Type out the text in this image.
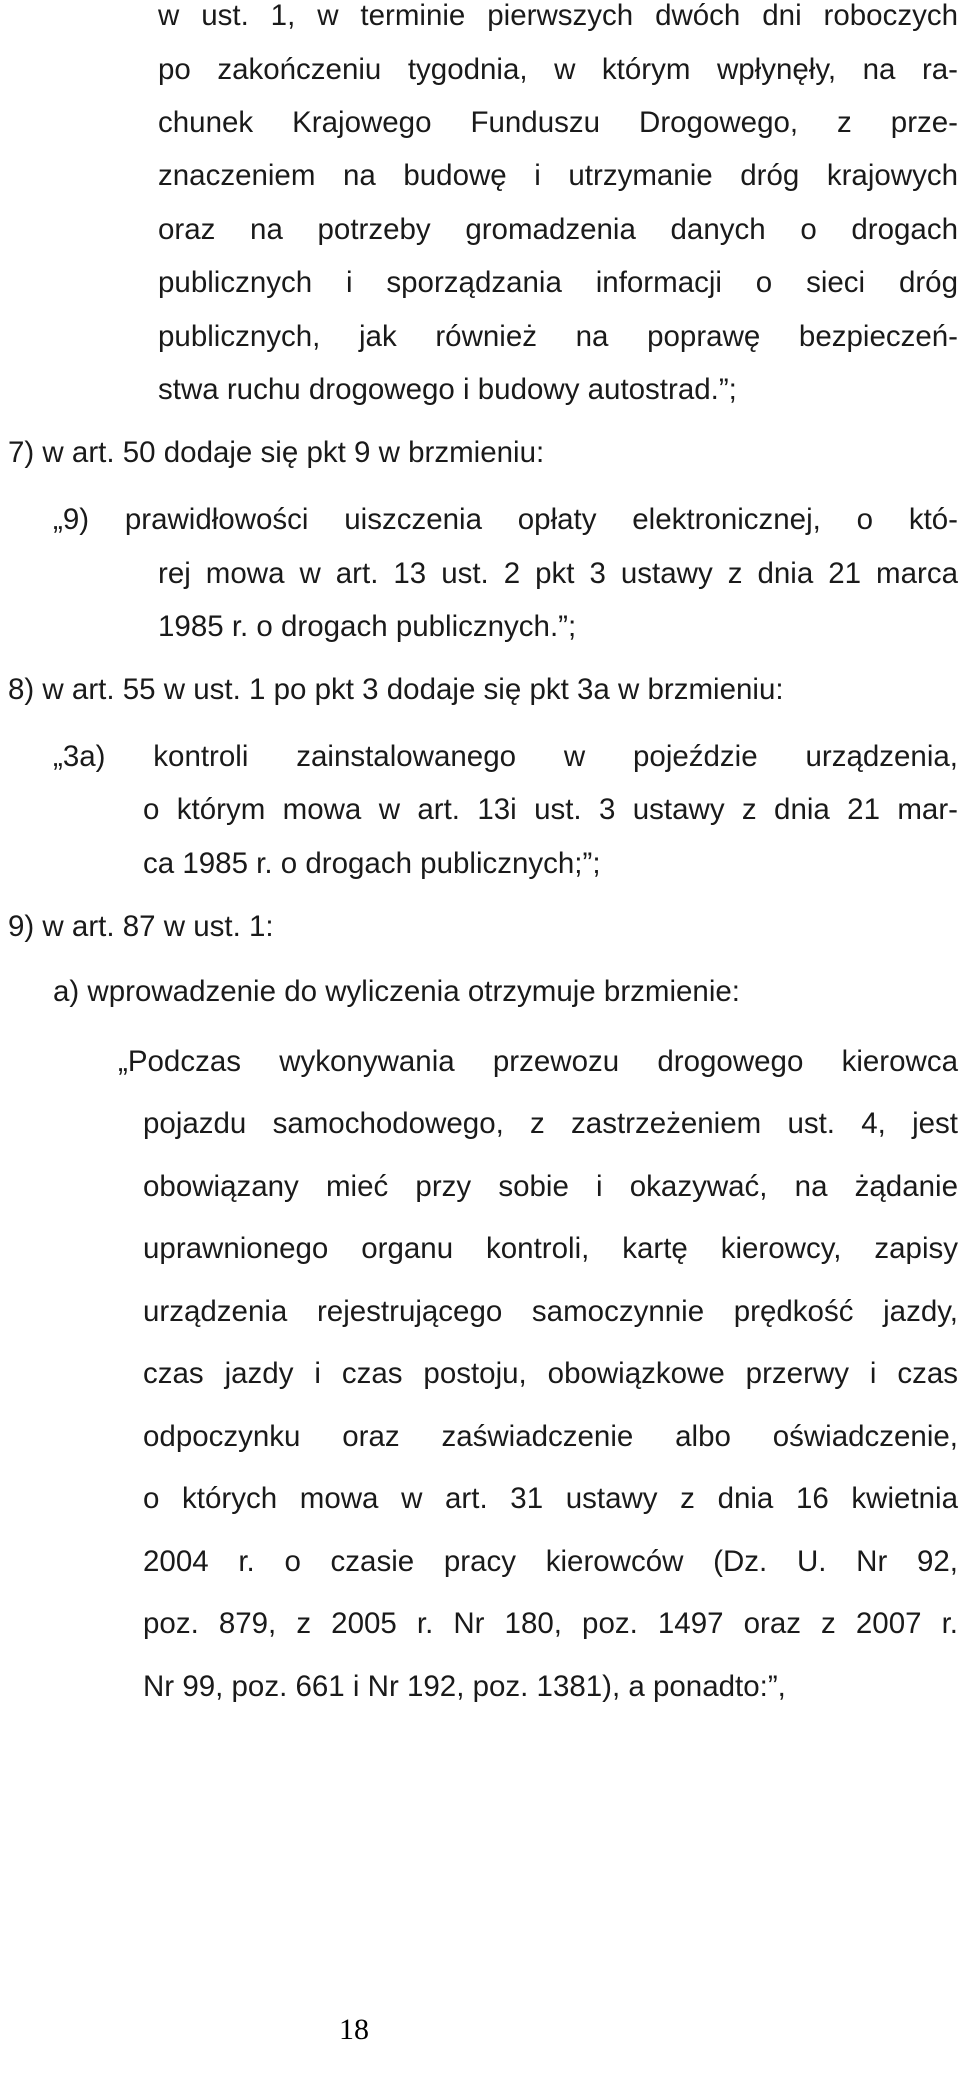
w ust. 1, w terminie pierwszych dwóch dni roboczych
po zakończeniu tygodnia, w którym wpłynęły, na ra-
chunek Krajowego Funduszu Drogowego, z prze-
znaczeniem na budowę i utrzymanie dróg krajowych
oraz na potrzeby gromadzenia danych o drogach
publicznych i sporządzania informacji o sieci dróg
publicznych, jak również na poprawę bezpieczeń-
stwa ruchu drogowego i budowy autostrad.”;
7) w art. 50 dodaje się pkt 9 w brzmieniu:
„9) prawidłowości uiszczenia opłaty elektronicznej, o któ-
rej mowa w art. 13 ust. 2 pkt 3 ustawy z dnia 21 marca
1985 r. o drogach publicznych.”;
8) w art. 55 w ust. 1 po pkt 3 dodaje się pkt 3a w brzmieniu:
„3a) kontroli zainstalowanego w pojeździe urządzenia,
o którym mowa w art. 13i ust. 3 ustawy z dnia 21 mar-
ca 1985 r. o drogach publicznych;”;
9) w art. 87 w ust. 1:
a) wprowadzenie do wyliczenia otrzymuje brzmienie:
„Podczas wykonywania przewozu drogowego kierowca
pojazdu samochodowego, z zastrzeżeniem ust. 4, jest
obowiązany mieć przy sobie i okazywać, na żądanie
uprawnionego organu kontroli, kartę kierowcy, zapisy
urządzenia rejestrującego samoczynnie prędkość jazdy,
czas jazdy i czas postoju, obowiązkowe przerwy i czas
odpoczynku oraz zaświadczenie albo oświadczenie,
o których mowa w art. 31 ustawy z dnia 16 kwietnia
2004 r. o czasie pracy kierowców (Dz. U. Nr 92,
poz. 879, z 2005 r. Nr 180, poz. 1497 oraz z 2007 r.
Nr 99, poz. 661 i Nr 192, poz. 1381), a ponadto:”,
18
